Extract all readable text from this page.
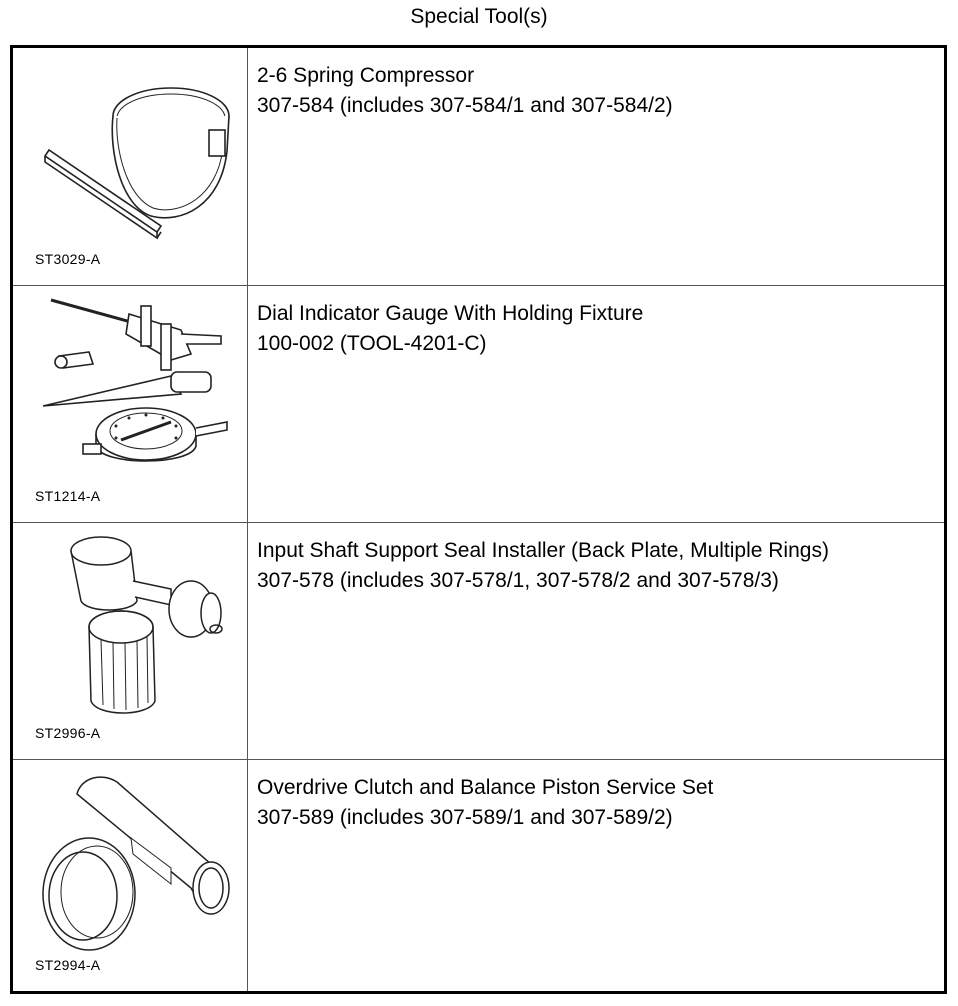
Special Tool(s)
ST3029-A
2-6 Spring Compressor
307-584 (includes 307-584/1 and 307-584/2)
ST1214-A
Dial Indicator Gauge With Holding Fixture
100-002 (TOOL-4201-C)
ST2996-A
Input Shaft Support Seal Installer (Back Plate, Multiple Rings)
307-578 (includes 307-578/1, 307-578/2 and 307-578/3)
ST2994-A
Overdrive Clutch and Balance Piston Service Set
307-589 (includes 307-589/1 and 307-589/2)
